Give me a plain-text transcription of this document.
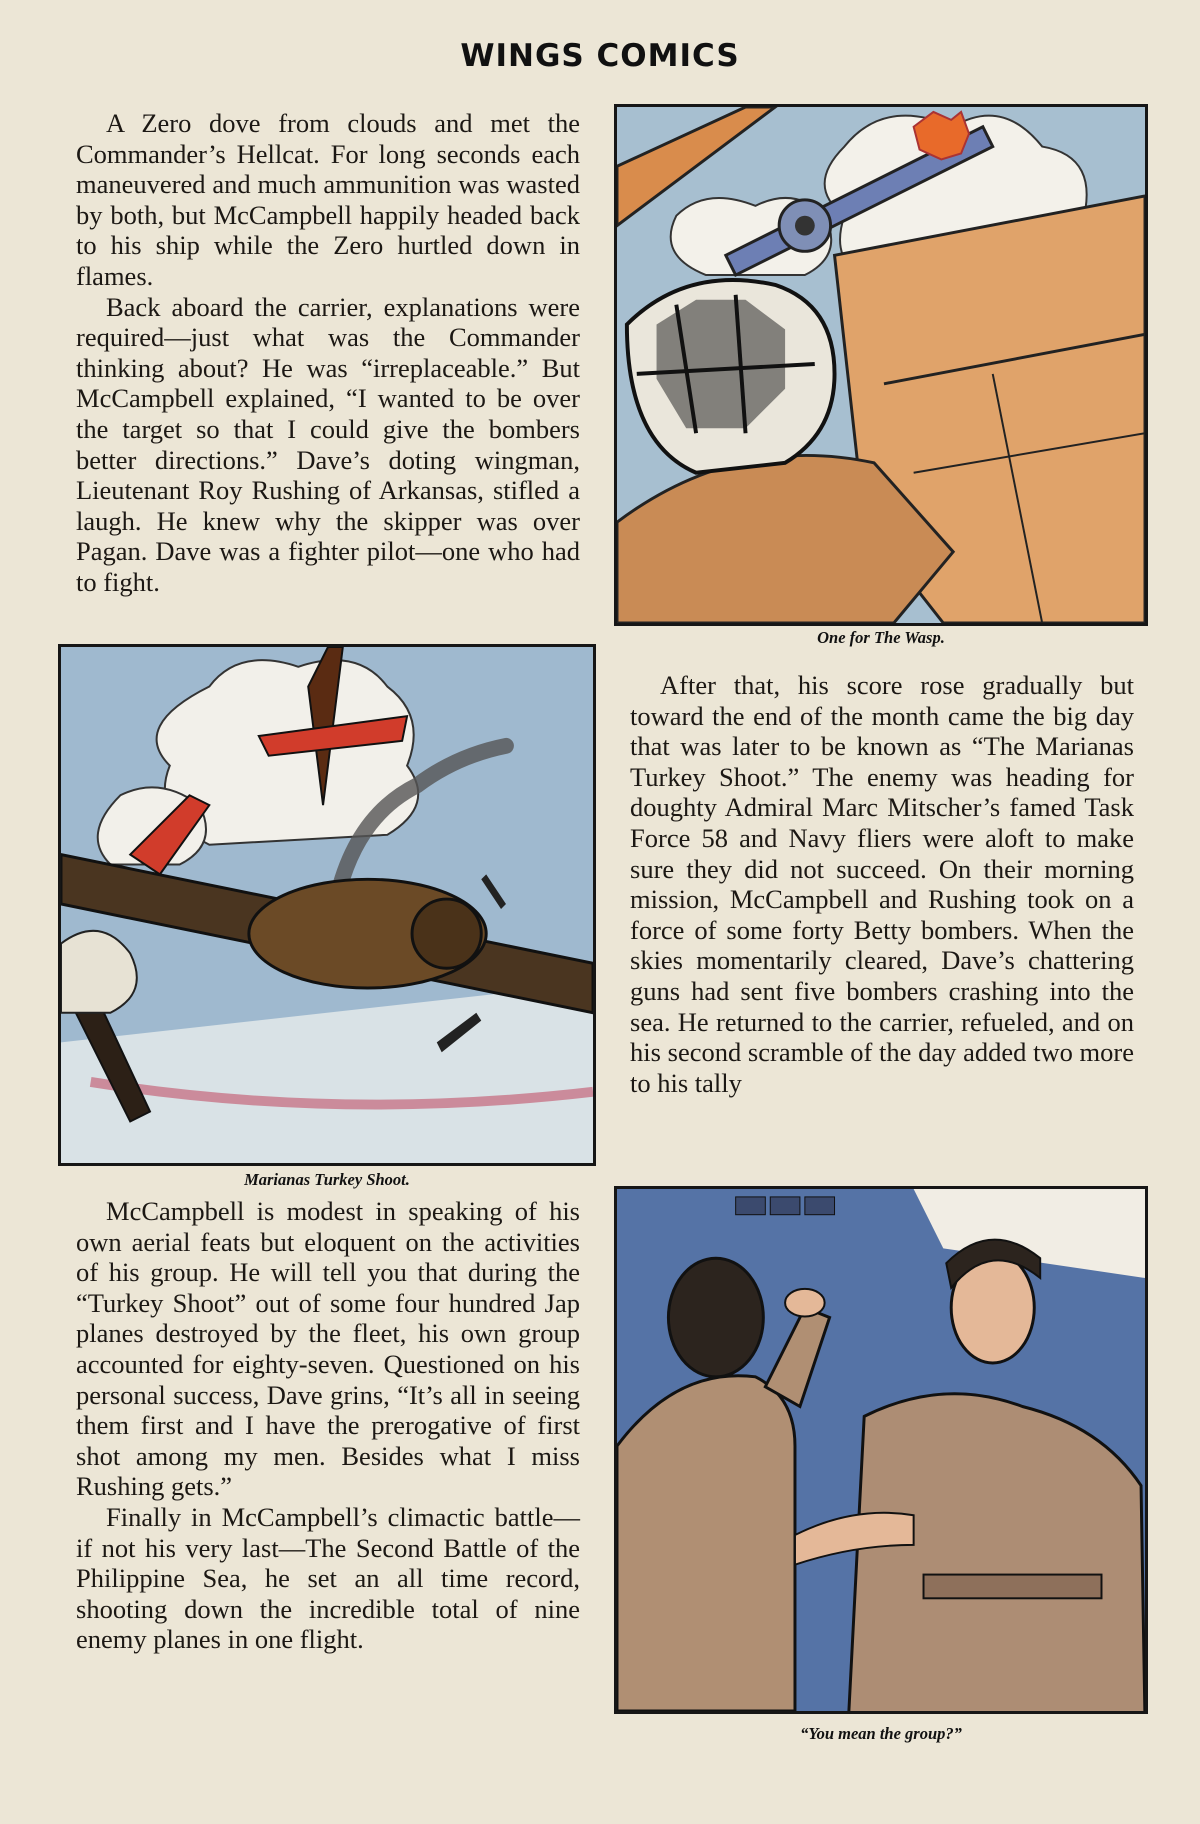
WINGS COMICS

A Zero dove from clouds and met the Commander’s Hellcat. For long seconds each maneuvered and much ammunition was wasted by both, but McCampbell happily headed back to his ship while the Zero hurtled down in flames.

Back aboard the carrier, explanations were required—just what was the Commander thinking about? He was “irreplaceable.” But McCampbell explained, “I wanted to be over the target so that I could give the bombers better directions.” Dave’s doting wingman, Lieutenant Roy Rushing of Arkansas, stifled a laugh. He knew why the skipper was over Pagan. Dave was a fighter pilot—one who had to fight.

One for The Wasp.
Marianas Turkey Shoot.

After that, his score rose gradually but toward the end of the month came the big day that was later to be known as “The Marianas Turkey Shoot.” The enemy was heading for doughty Admiral Marc Mitscher’s famed Task Force 58 and Navy fliers were aloft to make sure they did not succeed. On their morning mission, McCampbell and Rushing took on a force of some forty Betty bombers. When the skies momentarily cleared, Dave’s chattering guns had sent five bombers crashing into the sea. He returned to the carrier, refueled, and on his second scramble of the day added two more to his tally

McCampbell is modest in speaking of his own aerial feats but eloquent on the activities of his group. He will tell you that during the “Turkey Shoot” out of some four hundred Jap planes destroyed by the fleet, his own group accounted for eighty-seven. Questioned on his personal success, Dave grins, “It’s all in seeing them first and I have the prerogative of first shot among my men. Besides what I miss Rushing gets.”

Finally in McCampbell’s climactic battle—if not his very last—The Second Battle of the Philippine Sea, he set an all time record, shooting down the incredible total of nine enemy planes in one flight.

“You mean the group?”
